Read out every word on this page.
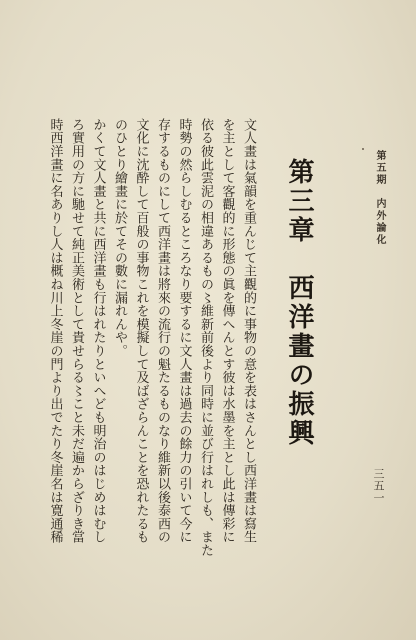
第五期　内外論化
三五一
第三章　西洋畫の振興
文人畫は氣韻を重んじて主觀的に事物の意を表はさんとし西洋畫は寫生
を主として客觀的に形態の眞を傳へんとす彼は水墨を主とし此は傳彩に
依る彼此雲泥の相違あるもの〻維新前後より同時に並び行はれしも、また
時勢の然らしむるところなり要するに文人畫は過去の餘力の引いて今に
存するものにして西洋畫は將來の流行の魁たるものなり維新以後泰西の
文化に沈酔して百般の事物これを模擬して及ばざらんことを恐れたるも
のひとり繪畫に於てその數に漏れんや。
かくて文人畫と共に西洋畫も行はれたりといへども明治のはじめはむし
ろ實用の方に馳せて純正美術として貴せらる〻こと未だ遍からざりき當
時西洋畫に名ありし人は概ね川上冬崖の門より出でたり冬崖名は寛通稀
